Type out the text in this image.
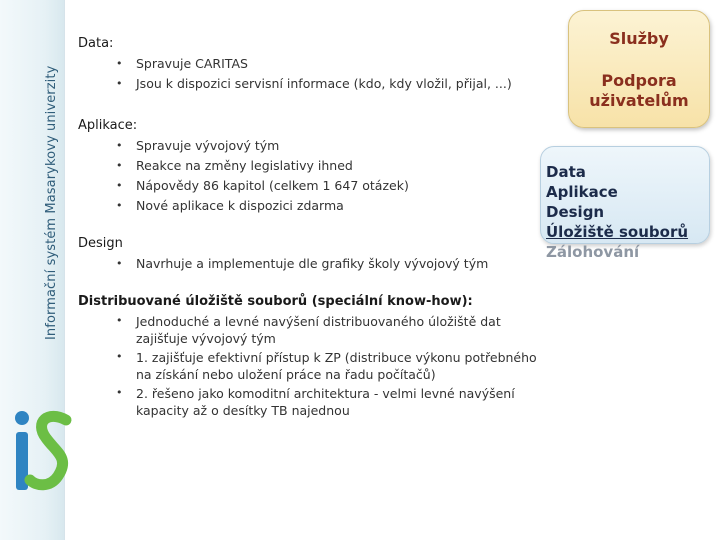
Informační systém Masarykovy univerzity
Data:
• Spravuje CARITAS
• Jsou k dispozici servisní informace (kdo, kdy vložil, přijal, ...)
Aplikace:
• Spravuje vývojový tým
• Reakce na změny legislativy ihned
• Nápovědy 86 kapitol (celkem 1 647 otázek)
• Nové aplikace k dispozici zdarma
Design
• Navrhuje a implementuje dle grafiky školy vývojový tým
Distribuované úložiště souborů (speciální know-how):
• Jednoduché a levné navýšení distribuovaného úložiště dat zajišťuje vývojový tým
• 1. zajišťuje efektivní přístup k ZP (distribuce výkonu potřebného na získání nebo uložení práce na řadu počítačů)
• 2. řešeno jako komoditní architektura - velmi levné navýšení kapacity až o desítky TB najednou
Služby
Podpora
uživatelům
Data
Aplikace
Design
Úložiště souborů
Zálohování
